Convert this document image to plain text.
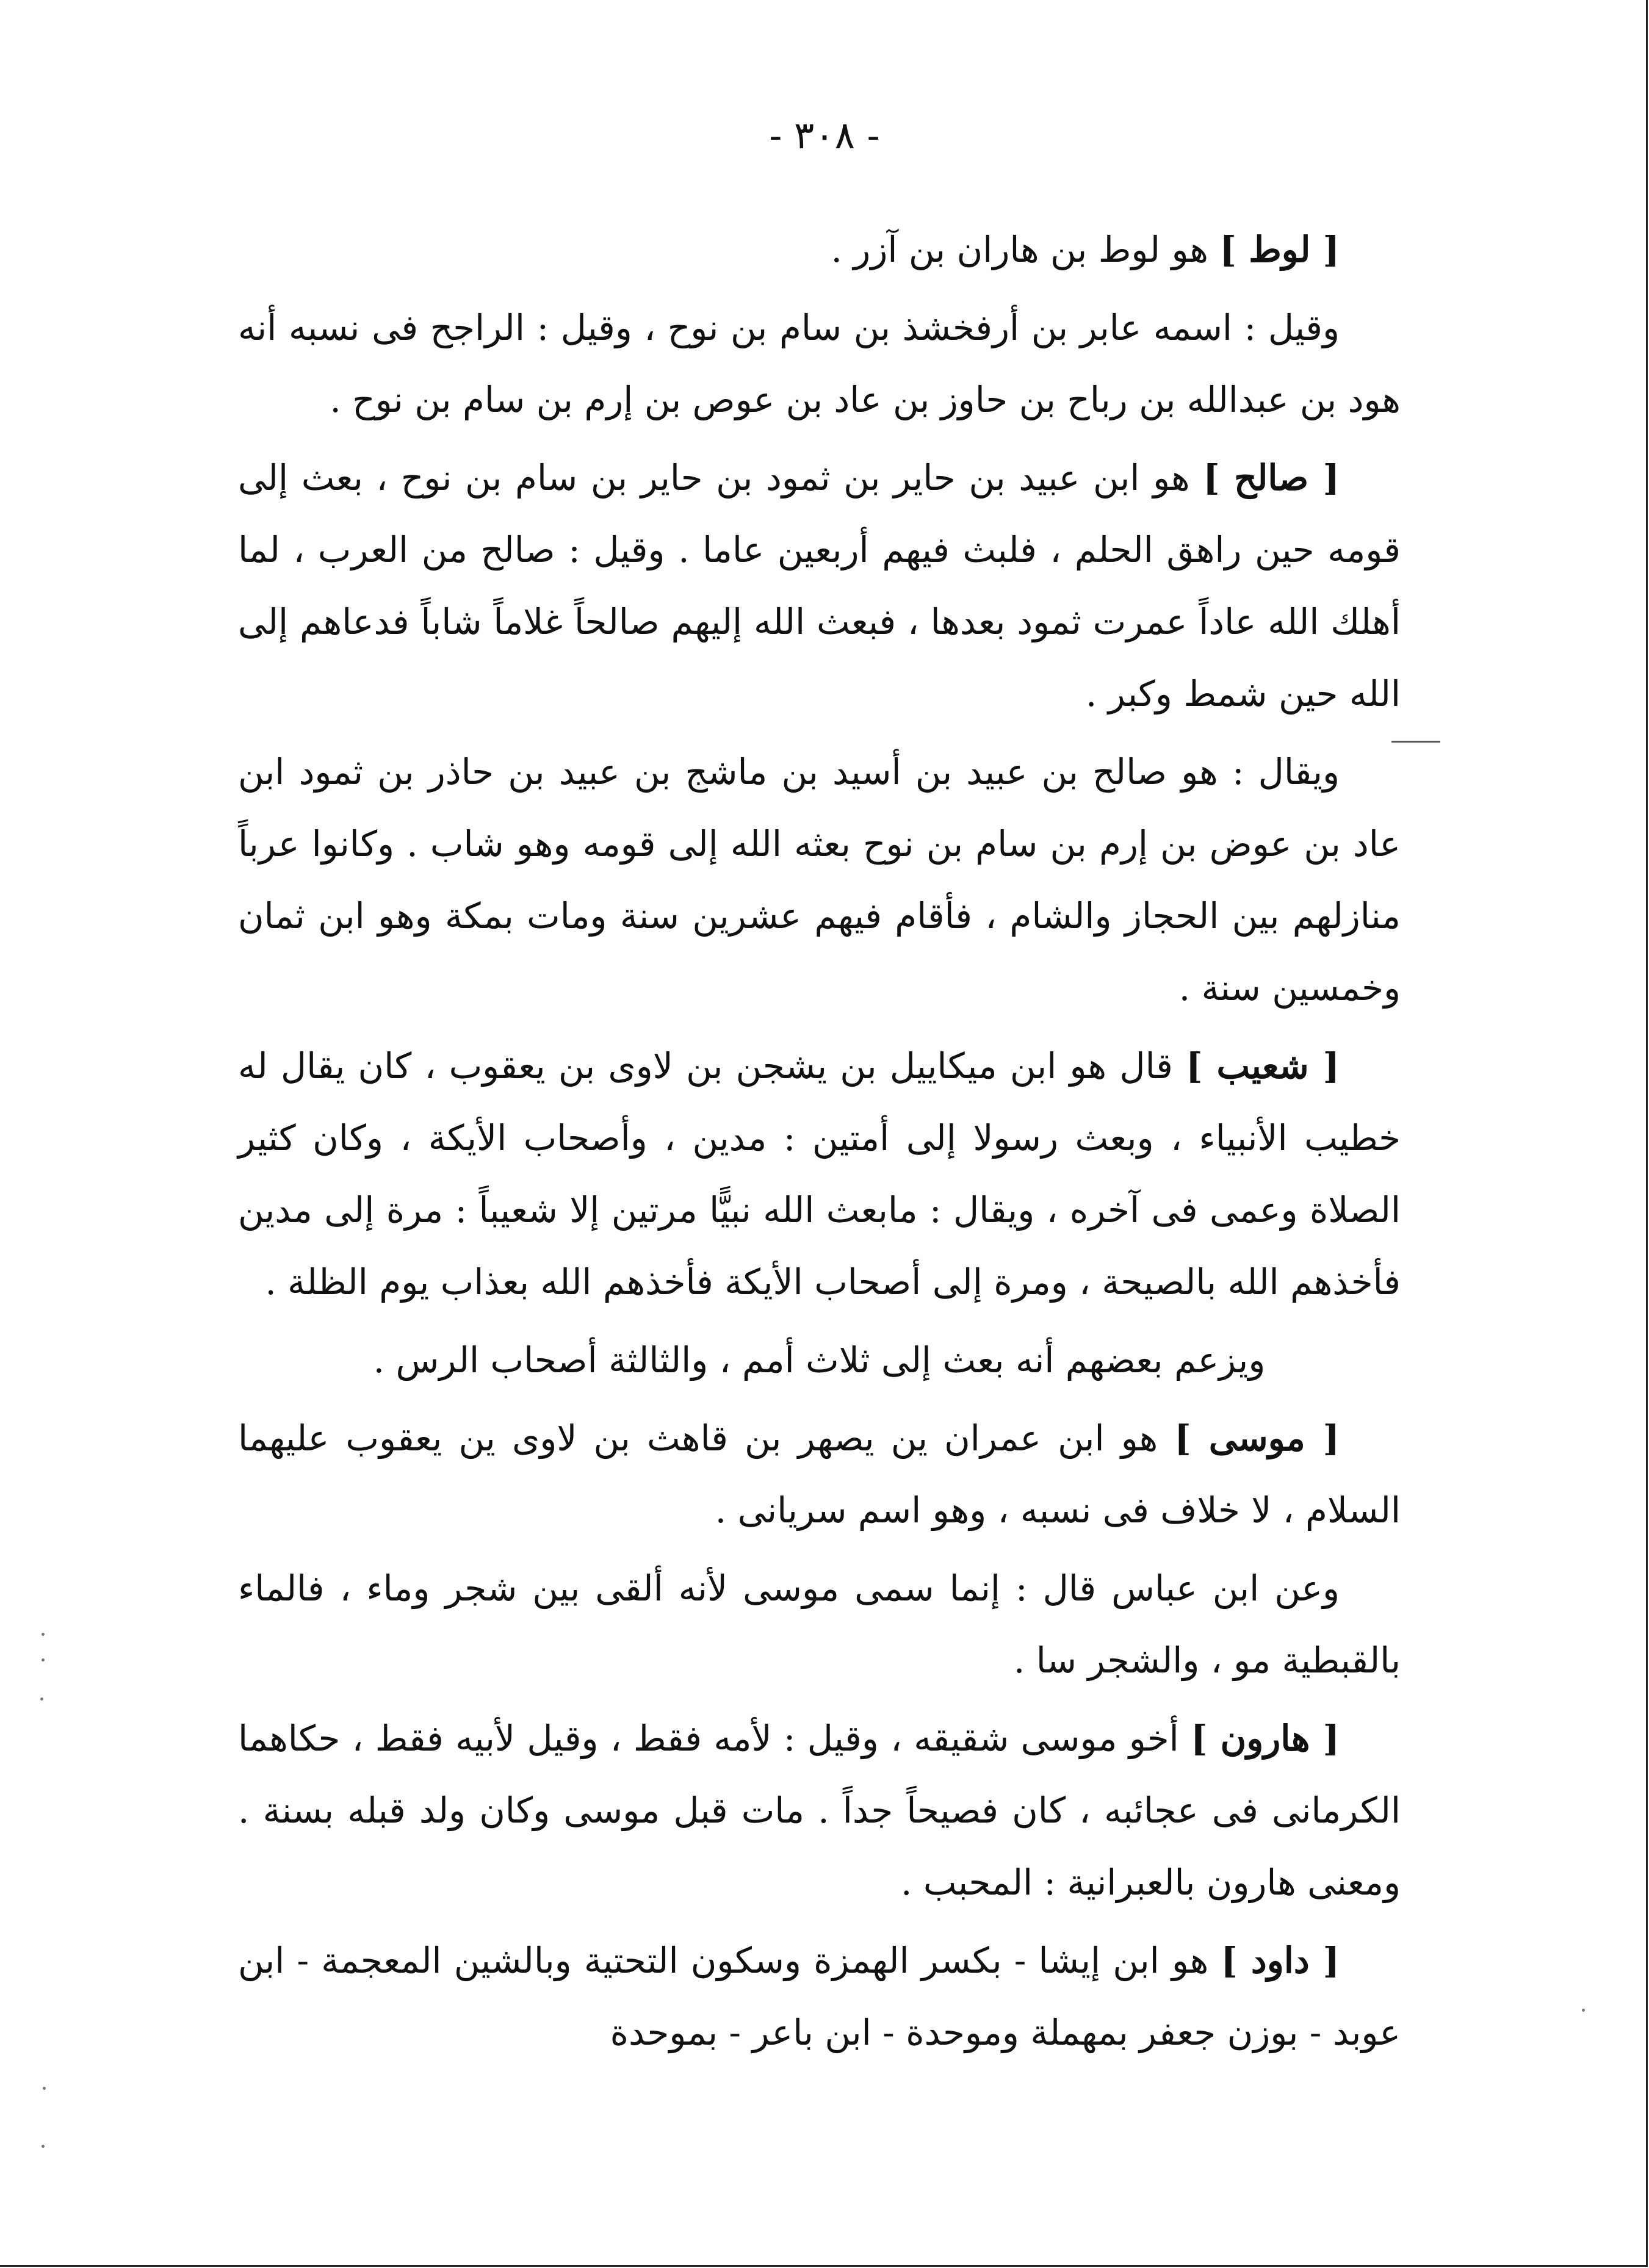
- ٣٠٨ -

[ لوط ] هو لوط بن هاران بن آزر .

وقيل : اسمه عابر بن أرفخشذ بن سام بن نوح ، وقيل : الراجح فى نسبه أنه هود بن عبدالله بن رباح بن حاوز بن عاد بن عوص بن إرم بن سام بن نوح .

[ صالح ] هو ابن عبيد بن حاير بن ثمود بن حاير بن سام بن نوح ، بعث إلى قومه حين راهق الحلم ، فلبث فيهم أربعين عاما . وقيل : صالح من العرب ، لما أهلك الله عاداً عمرت ثمود بعدها ، فبعث الله إليهم صالحاً غلاماً شاباً فدعاهم إلى الله حين شمط وكبر .

ويقال : هو صالح بن عبيد بن أسيد بن ماشج بن عبيد بن حاذر بن ثمود ابن عاد بن عوض بن إرم بن سام بن نوح بعثه الله إلى قومه وهو شاب . وكانوا عرباً منازلهم بين الحجاز والشام ، فأقام فيهم عشرين سنة ومات بمكة وهو ابن ثمان وخمسين سنة .

[ شعيب ] قال هو ابن ميكاييل بن يشجن بن لاوى بن يعقوب ، كان يقال له خطيب الأنبياء ، وبعث رسولا إلى أمتين : مدين ، وأصحاب الأيكة ، وكان كثير الصلاة وعمى فى آخره ، ويقال : مابعث الله نبيًّا مرتين إلا شعيباً : مرة إلى مدين فأخذهم الله بالصيحة ، ومرة إلى أصحاب الأيكة فأخذهم الله بعذاب يوم الظلة .

ويزعم بعضهم أنه بعث إلى ثلاث أمم ، والثالثة أصحاب الرس .

[ موسى ] هو ابن عمران ين يصهر بن قاهث بن لاوى ين يعقوب عليهما السلام ، لا خلاف فى نسبه ، وهو اسم سريانى .

وعن ابن عباس قال : إنما سمى موسى لأنه ألقى بين شجر وماء ، فالماء بالقبطية مو ، والشجر سا .

[ هارون ] أخو موسى شقيقه ، وقيل : لأمه فقط ، وقيل لأبيه فقط ، حكاهما الكرمانى فى عجائبه ، كان فصيحاً جداً . مات قبل موسى وكان ولد قبله بسنة . ومعنى هارون بالعبرانية : المحبب .

[ داود ] هو ابن إيشا - بكسر الهمزة وسكون التحتية وبالشين المعجمة - ابن عوبد - بوزن جعفر بمهملة وموحدة - ابن باعر - بموحدة
